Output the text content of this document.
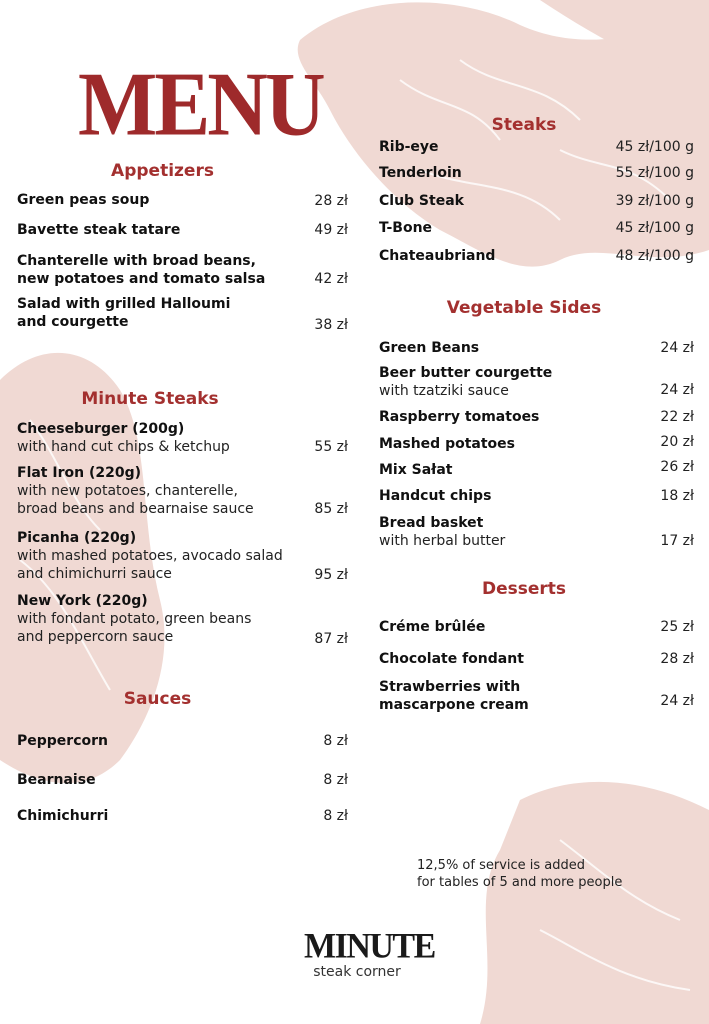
MENU
Appetizers
Green peas soup	28 zł
Bavette steak tatare	49 zł
Chanterelle with broad beans,
new potatoes and tomato salsa	42 zł
Salad with grilled Halloumi
and courgette	38 zł
Minute Steaks
Cheeseburger (200g)
with hand cut chips & ketchup	55 zł
Flat Iron (220g)
with new potatoes, chanterelle,
broad beans and bearnaise sauce	85 zł
Picanha (220g)
with mashed potatoes, avocado salad
and chimichurri sauce	95 zł
New York (220g)
with fondant potato, green beans
and peppercorn sauce	87 zł
Sauces
Peppercorn	8 zł
Bearnaise	8 zł
Chimichurri	8 zł
Steaks
Rib-eye	45 zł/100 g
Tenderloin	55 zł/100 g
Club Steak	39 zł/100 g
T-Bone	45 zł/100 g
Chateaubriand	48 zł/100 g
Vegetable Sides
Green Beans	24 zł
Beer butter courgette
with tzatziki sauce	24 zł
Raspberry tomatoes	22 zł
Mashed potatoes	20 zł
Mix Sałat	26 zł
Handcut chips	18 zł
Bread basket
with herbal butter	17 zł
Desserts
Créme brûlée	25 zł
Chocolate fondant	28 zł
Strawberries with
mascarpone cream	24 zł
12,5% of service is added
for tables of 5 and more people
MINUTE
steak corner
